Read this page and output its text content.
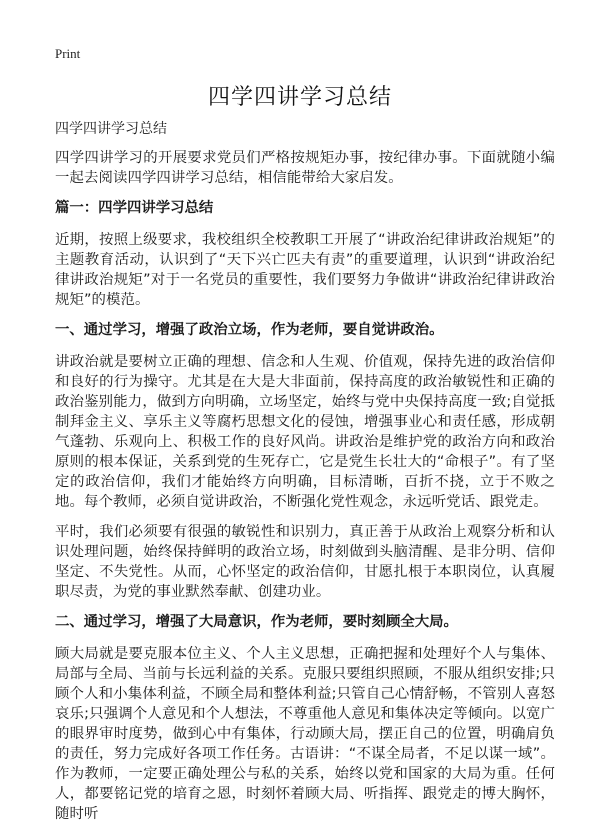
Print
四学四讲学习总结
四学四讲学习总结

四学四讲学习的开展要求党员们严格按规矩办事，按纪律办事。下面就随小编一起去阅读四学四讲学习总结，相信能带给大家启发。

篇一：四学四讲学习总结

近期，按照上级要求，我校组织全校教职工开展了“讲政治纪律讲政治规矩”的主题教育活动，认识到了“天下兴亡匹夫有责”的重要道理，认识到“讲政治纪律讲政治规矩”对于一名党员的重要性，我们要努力争做讲“讲政治纪律讲政治规矩”的模范。

一、通过学习，增强了政治立场，作为老师，要自觉讲政治。

讲政治就是要树立正确的理想、信念和人生观、价值观，保持先进的政治信仰和良好的行为操守。尤其是在大是大非面前，保持高度的政治敏锐性和正确的政治鉴别能力，做到方向明确，立场坚定，始终与党中央保持高度一致;自觉抵制拜金主义、享乐主义等腐朽思想文化的侵蚀，增强事业心和责任感，形成朝气蓬勃、乐观向上、积极工作的良好风尚。讲政治是维护党的政治方向和政治原则的根本保证，关系到党的生死存亡，它是党生长壮大的“命根子”。有了坚定的政治信仰，我们才能始终方向明确，目标清晰，百折不挠，立于不败之地。每个教师，必须自觉讲政治，不断强化党性观念，永远听党话、跟党走。

平时，我们必须要有很强的敏锐性和识别力，真正善于从政治上观察分析和认识处理问题，始终保持鲜明的政治立场，时刻做到头脑清醒、是非分明、信仰坚定、不失党性。从而，心怀坚定的政治信仰，甘愿扎根于本职岗位，认真履职尽责，为党的事业默然奉献、创建功业。

二、通过学习，增强了大局意识，作为老师，要时刻顾全大局。

顾大局就是要克服本位主义、个人主义思想，正确把握和处理好个人与集体、局部与全局、当前与长远利益的关系。克服只要组织照顾，不服从组织安排;只顾个人和小集体利益，不顾全局和整体利益;只管自己心情舒畅，不管别人喜怒哀乐;只强调个人意见和个人想法，不尊重他人意见和集体决定等倾向。以宽广的眼界审时度势，做到心中有集体，行动顾大局，摆正自己的位置，明确肩负的责任，努力完成好各项工作任务。古语讲：“不谋全局者，不足以谋一域”。作为教师，一定要正确处理公与私的关系，始终以党和国家的大局为重。任何人，都要铭记党的培育之恩，时刻怀着顾大局、听指挥、跟党走的博大胸怀，随时听
